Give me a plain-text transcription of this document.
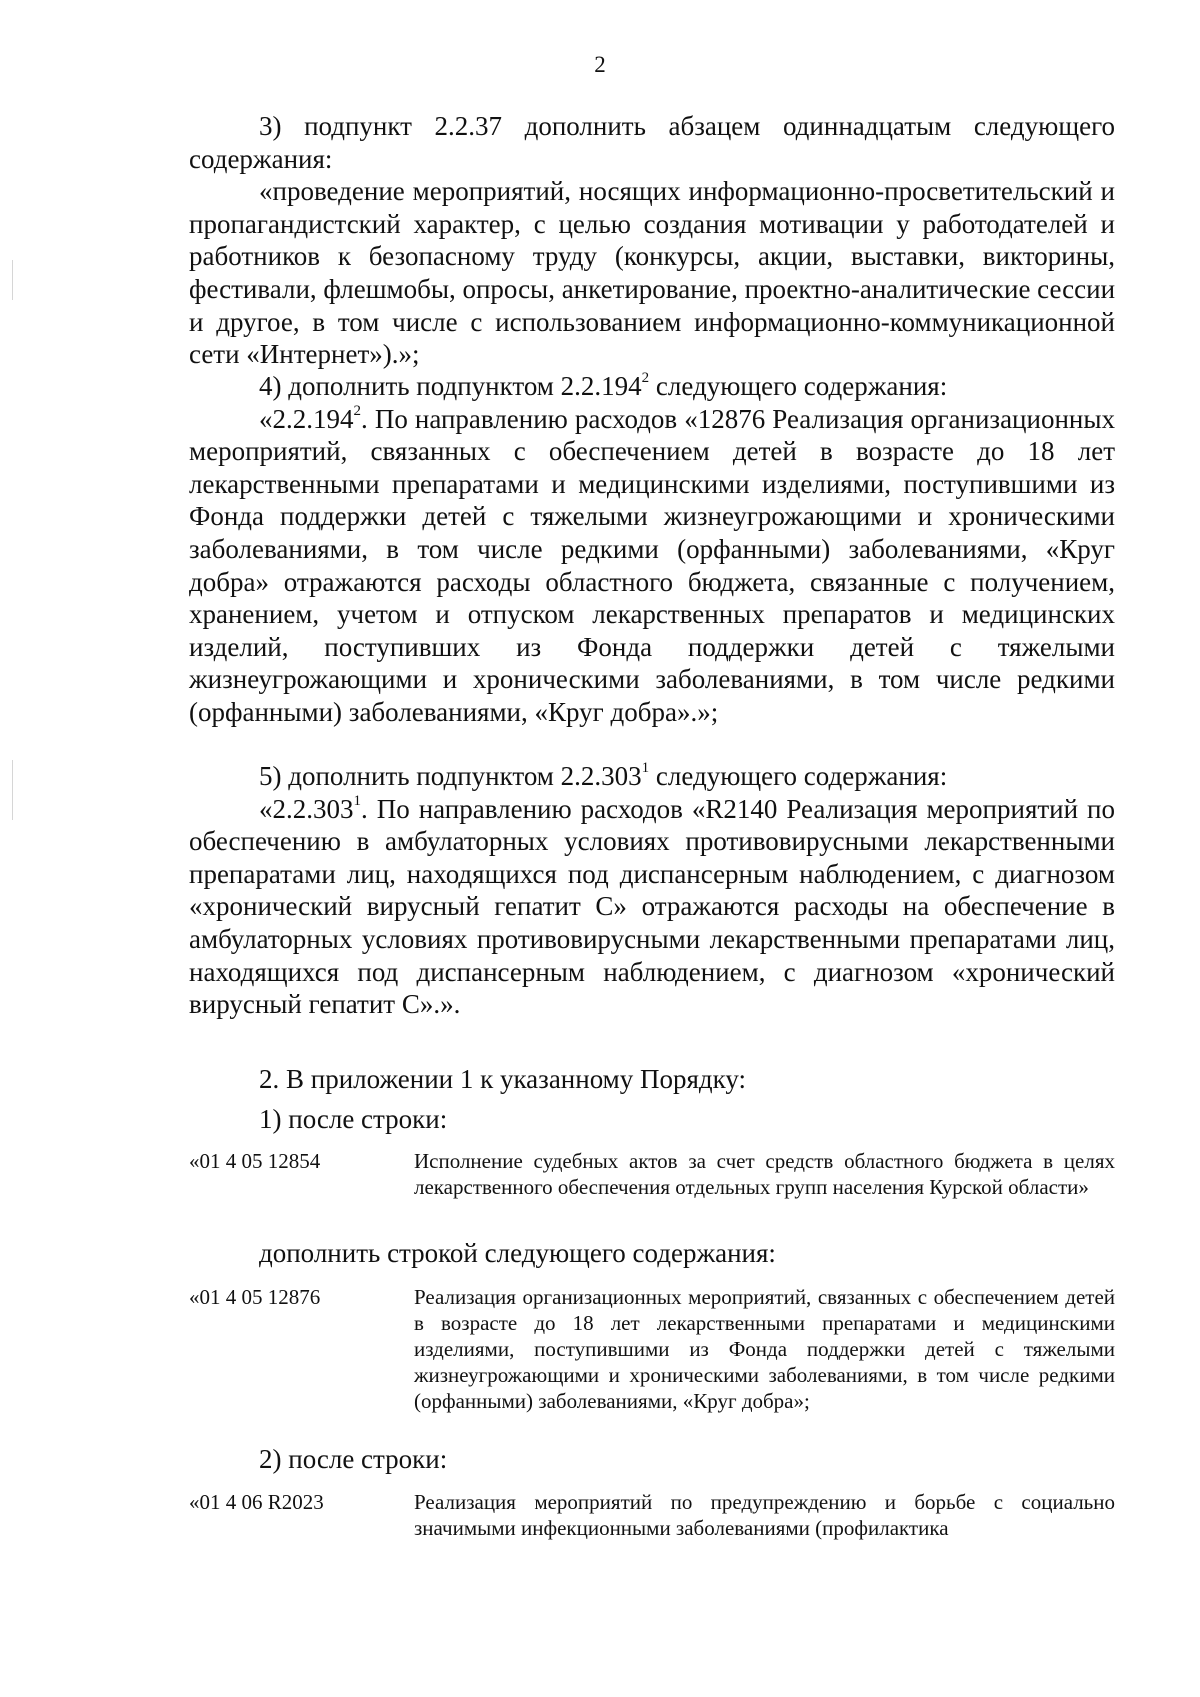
2

3) подпункт 2.2.37 дополнить абзацем одиннадцатым следующего содержания:

«проведение мероприятий, носящих информационно-просветительский и пропагандистский характер, с целью создания мотивации у работодателей и работников к безопасному труду (конкурсы, акции, выставки, викторины, фестивали, флешмобы, опросы, анкетирование, проектно-аналитические сессии и другое, в том числе с использованием информационно-коммуникационной сети «Интернет»).»;

4) дополнить подпунктом 2.2.194$^2$ следующего содержания:

«2.2.194$^2$. По направлению расходов «12876 Реализация организационных мероприятий, связанных с обеспечением детей в возрасте до 18 лет лекарственными препаратами и медицинскими изделиями, поступившими из Фонда поддержки детей с тяжелыми жизнеугрожающими и хроническими заболеваниями, в том числе редкими (орфанными) заболеваниями, «Круг добра» отражаются расходы областного бюджета, связанные с получением, хранением, учетом и отпуском лекарственных препаратов и медицинских изделий, поступивших из Фонда поддержки детей с тяжелыми жизнеугрожающими и хроническими заболеваниями, в том числе редкими (орфанными) заболеваниями, «Круг добра».»;

5) дополнить подпунктом 2.2.303$^1$ следующего содержания:

«2.2.303$^1$. По направлению расходов «R2140 Реализация мероприятий по обеспечению в амбулаторных условиях противовирусными лекарственными препаратами лиц, находящихся под диспансерным наблюдением, с диагнозом «хронический вирусный гепатит С» отражаются расходы на обеспечение в амбулаторных условиях противовирусными лекарственными препаратами лиц, находящихся под диспансерным наблюдением, с диагнозом «хронический вирусный гепатит С».».

2. В приложении 1 к указанному Порядку:
1) после строки:
«01 4 05 12854	Исполнение судебных актов за счет средств областного бюджета в целях лекарственного обеспечения отдельных групп населения Курской области»
дополнить строкой следующего содержания:
«01 4 05 12876	Реализация организационных мероприятий, связанных с обеспечением детей в возрасте до 18 лет лекарственными препаратами и медицинскими изделиями, поступившими из Фонда поддержки детей с тяжелыми жизнеугрожающими и хроническими заболеваниями, в том числе редкими (орфанными) заболеваниями, «Круг добра»;
2) после строки:
«01 4 06 R2023	Реализация мероприятий по предупреждению и борьбе с социально значимыми инфекционными заболеваниями (профилактика
